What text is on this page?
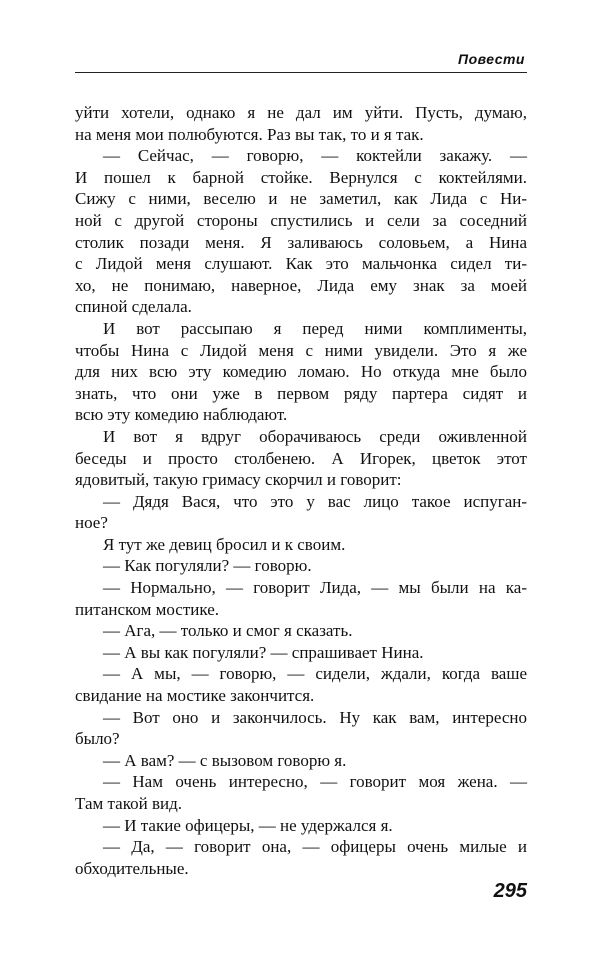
Повести
уйти хотели, однако я не дал им уйти. Пусть, думаю,
на меня мои полюбуются. Раз вы так, то и я так.
— Сейчас, — говорю, — коктейли закажу. —
И пошел к барной стойке. Вернулся с коктейлями.
Сижу с ними, веселю и не заметил, как Лида с Ни-
ной с другой стороны спустились и сели за соседний
столик позади меня. Я заливаюсь соловьем, а Нина
с Лидой меня слушают. Как это мальчонка сидел ти-
хо, не понимаю, наверное, Лида ему знак за моей
спиной сделала.
И вот рассыпаю я перед ними комплименты,
чтобы Нина с Лидой меня с ними увидели. Это я же
для них всю эту комедию ломаю. Но откуда мне было
знать, что они уже в первом ряду партера сидят и
всю эту комедию наблюдают.
И вот я вдруг оборачиваюсь среди оживленной
беседы и просто столбенею. А Игорек, цветок этот
ядовитый, такую гримасу скорчил и говорит:
— Дядя Вася, что это у вас лицо такое испуган-
ное?
Я тут же девиц бросил и к своим.
— Как погуляли? — говорю.
— Нормально, — говорит Лида, — мы были на ка-
питанском мостике.
— Ага, — только и смог я сказать.
— А вы как погуляли? — спрашивает Нина.
— А мы, — говорю, — сидели, ждали, когда ваше
свидание на мостике закончится.
— Вот оно и закончилось. Ну как вам, интересно
было?
— А вам? — с вызовом говорю я.
— Нам очень интересно, — говорит моя жена. —
Там такой вид.
— И такие офицеры, — не удержался я.
— Да, — говорит она, — офицеры очень милые и
обходительные.
295
